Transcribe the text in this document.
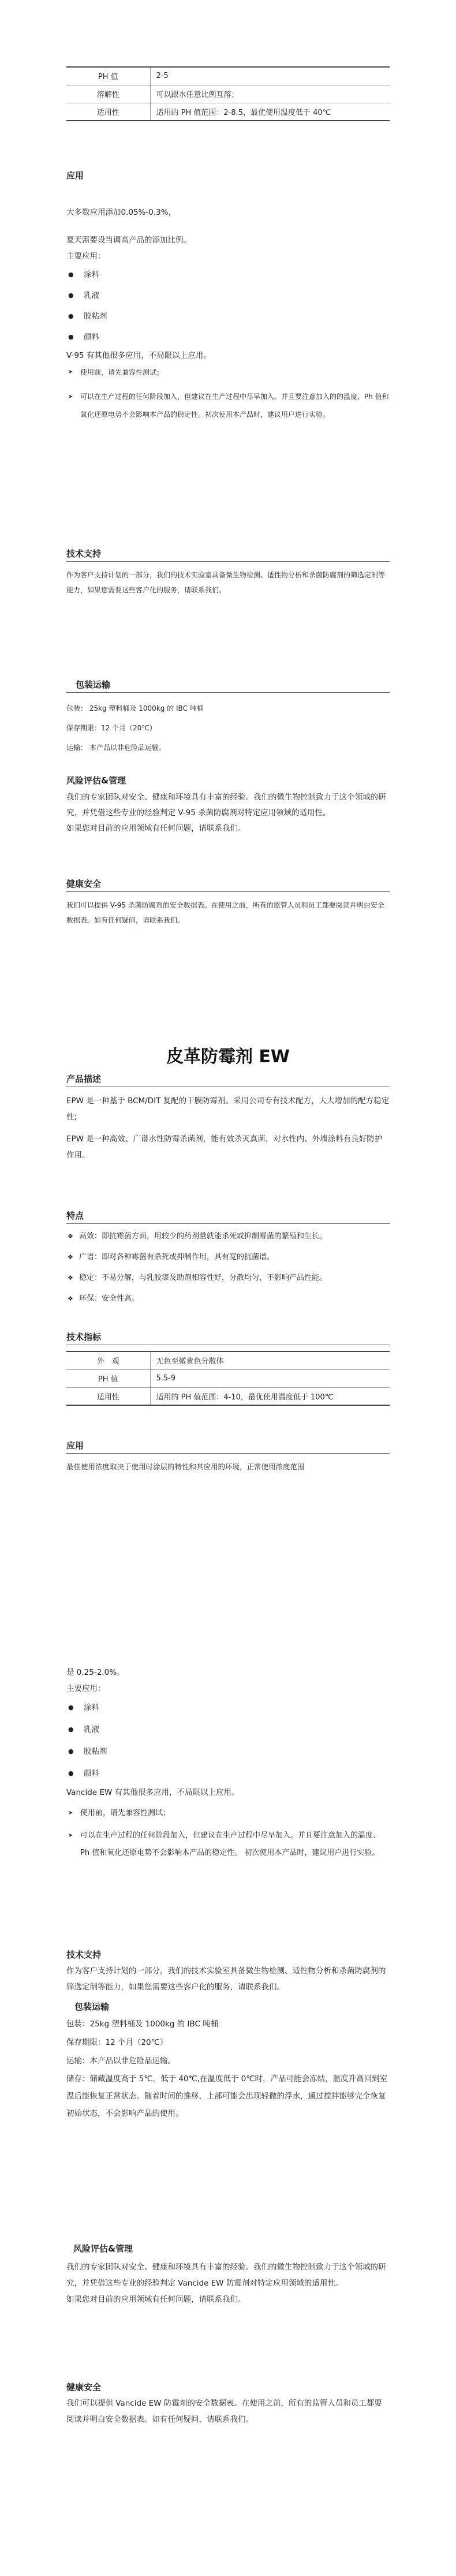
PH 值	2-5
溶解性	可以跟水任意比例互溶；
适用性	适用的 PH 值范围：2-8.5，最优使用温度低于 40℃
应用

大多数应用添加0.05%-0.3%，

夏天需要设当调高产品的添加比例。

主要应用：

● 涂料
● 乳液
● 胶粘剂
● 颜料

V-95 有其他很多应用，不局限以上应用。

➤ 使用前，请先兼容性测试；
➤ 可以在生产过程的任何阶段加入，但建议在生产过程中尽早加入。并且要注意加入的的温度、Ph 值和氧化还原电势不会影响本产品的稳定性。初次使用本产品时，建议用户进行实验。
技术支持

作为客户支持计划的一部分，我们的技术实验室具备微生物检测、适性物分析和杀菌防腐剂的筛选定制等能力，如果您需要这些客户化的服务，请联系我们。

包装运输

包装： 25kg 塑料桶及 1000kg 的 IBC 吨桶

保存期限：12 个月（20℃）

运输： 本产品以非危险品运输。

风险评估&管理

我们的专家团队对安全、健康和环境具有丰富的经验。我们的微生物控制致力于这个领域的研究，并凭借这些专业的经验判定 V-95 杀菌防腐剂对特定应用领域的适用性。

如果您对目前的应用领域有任何问题，请联系我们。

健康安全

我们可以提供 V-95 杀菌防腐剂的安全数据表。在使用之前，所有的监管人员和员工都要阅读并明白安全数据表。如有任何疑问，请联系我们。

皮革防霉剂 EW
产品描述

EPW 是一种基于 BCM/DIT 复配的干膜防霉剂。采用公司专有技术配方，大大增加的配方稳定性;

EPW 是一种高效、广谱水性防霉杀菌剂，能有效杀灭真菌，对水性内、外墙涂料有良好防护作用。

特点
❖ 高效：即抗霉菌方面，用较少的药剂量就能杀死或抑制霉菌的繁殖和生长。
❖ 广谱：即对各种霉菌有杀死或抑制作用，具有宽的抗菌谱。
❖ 稳定：不易分解，与乳胶漆及助剂相容性好，分散均匀，不影响产品性能。
❖ 环保：安全性高。
技术指标
外　观	无色至微黄色分散体
PH 值	5.5-9
适用性	适用的 PH 值范围：4-10，最优使用温度低于 100℃
应用

最佳使用浓度取决于使用时涂层的特性和其应用的环境，正常使用浓度范围

是 0.25-2.0%。

主要应用：

● 涂料
● 乳液
● 胶粘剂
● 颜料

Vancide EW 有其他很多应用，不局限以上应用。

➤ 使用前，请先兼容性测试；
➤ 可以在生产过程的任何阶段加入，但建议在生产过程中尽早加入。并且要注意加入的温度、Ph 值和氧化还原电势不会影响本产品的稳定性。 初次使用本产品时，建议用户进行实验。
技术支持

作为客户支持计划的一部分，我们的技术实验室具备微生物检测、适性物分析和杀菌防腐剂的筛选定制等能力，如果您需要这些客户化的服务，请联系我们。

包装运输

包装：25kg 塑料桶及 1000kg 的 IBC 吨桶

保存期限：12 个月（20℃）

运输：本产品以非危险品运输。

储存：储藏温度高于 5℃，低于 40℃,在温度低于 0℃时，产品可能会冻结，温度升高回到室温后能恢复正常状态。随着时间的推移，上部可能会出现轻微的浮水，通过搅拌能够完全恢复初始状态，不会影响产品的使用。

风险评估&管理

我们的专家团队对安全、健康和环境具有丰富的经验。我们的微生物控制致力于这个领域的研究，并凭借这些专业的经验判定 Vancide EW 防霉剂对特定应用领域的适用性。

如果您对目前的应用领域有任何问题，请联系我们。

健康安全

我们可以提供 Vancide EW 防霉剂的安全数据表。在使用之前，所有的监管人员和员工都要阅读并明白安全数据表。如有任何疑问，请联系我们。
